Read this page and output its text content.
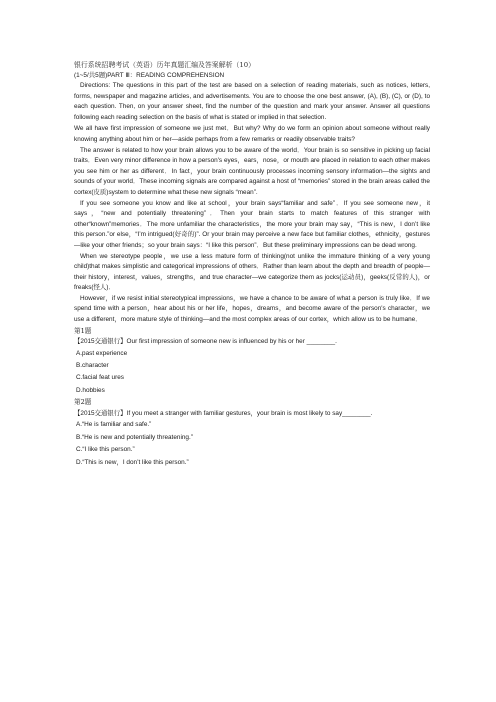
银行系统招聘考试（英语）历年真题汇编及答案解析（10）

(1~5/共5题)PART Ⅲ：READING COMPREHENSION

Directions: The questions in this part of the test are based on a selection of reading materials, such as notices, letters, forms, newspaper and magazine articles, and advertisements. You are to choose the one best answer, (A), (B), (C), or (D), to each question. Then, on your answer sheet, find the number of the question and mark your answer. Answer all questions following each reading selection on the basis of what is stated or implied in that selection.

We all have first impression of someone we just met．But why? Why do we form an opinion about someone without really knowing anything about him or her—aside perhaps from a few remarks or readily observable traits?

The answer is related to how your brain allows you to be aware of the world．Your brain is so sensitive in picking up facial traits．Even very minor difference in how a person's eyes，ears，nose，or mouth are placed in relation to each other makes you see him or her as different．In fact，your brain continuously processes incoming sensory information—the sights and sounds of your world．These incoming signals are compared against a host of “memories” stored in the brain areas called the cortex(皮质)system to determine what these new signals “mean”.

If you see someone you know and like at school，your brain says“familiar and safe”．If you see someone new，it says，“new and potentially threatening”．Then your brain starts to match features of this stranger with other“known”memories．The more unfamiliar the characteristics，the more your brain may say，“This is new，I don’t like this person.”or else，“I’m intrigued(好奇的)”. Or your brain may perceive a new face but familiar clothes，ethnicity，gestures—like your other friends；so your brain says：“I like this person”．But these preliminary impressions can be dead wrong.

When we stereotype people，we use a less mature form of thinking(not unlike the immature thinking of a very young child)that makes simplistic and categorical impressions of others．Rather than learn about the depth and breadth of people—their history，interest，values，strengths，and true character—we categorize them as jocks(运动员)，geeks(反常的人)，or freaks(怪人)．

However，if we resist initial stereotypical impressions，we have a chance to be aware of what a person is truly like．If we spend time with a person，hear about his or her life，hopes，dreams，and become aware of the person's character，we use a different，more mature style of thinking—and the most complex areas of our cortex，which allow us to be humane．

第1题

【2015交通银行】Our first impression of someone new is influenced by his or her ________.

A.past experience

B.character

C.facial feat ures

D.hobbies

第2题

【2015交通银行】If you meet a stranger with familiar gestures，your brain is most likely to say________.

A.“He is familiar and safe.”

B.“He is new and potentially threatening.”

C.“I like this person.”

D.“This is new，I don’t like this person.”
